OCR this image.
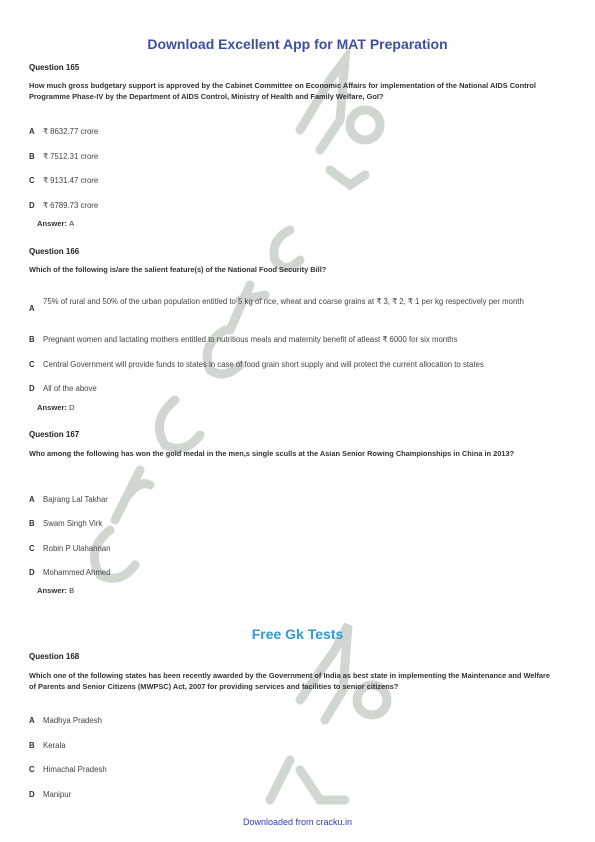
Download Excellent App for MAT Preparation
Question 165
How much gross budgetary support is approved by the Cabinet Committee on Economic Affairs for implementation of the National AIDS Control Programme Phase-IV by the Department of AIDS Control, Ministry of Health and Family Welfare, GoI?
A ₹ 8632.77 crore
B ₹ 7512.31 crore
C ₹ 9131.47 crore
D ₹ 6789.73 crore
Answer: A
Question 166
Which of the following is/are the salient feature(s) of the National Food Security Bill?
A
75% of rural and 50% of the urban population entitled to 5 kg of rice, wheat and coarse grains at ₹ 3, ₹ 2, ₹ 1 per kg respectively per month
B Pregnant women and lactating mothers entitled to nutritious meals and maternity benefit of atleast ₹ 6000 for six months
C Central Government will provide funds to states in case of food grain short supply and will protect the current allocation to states
D All of the above
Answer: D
Question 167
Who among the following has won the gold medal in the men,s single sculls at the Asian Senior Rowing Championships in China in 2013?
A Bajrang Lal Takhar
B Swam Singh Virk
C Robin P Ulahannan
D Mohammed Ahmed
Answer: B
Free Gk Tests
Question 168
Which one of the following states has been recently awarded by the Government of India as best state in implementing the Maintenance and Welfare of Parents and Senior Citizens (MWPSC) Act, 2007 for providing services and facilities to senior citizens?
A Madhya Pradesh
B Kerala
C Himachal Pradesh
D Manipur
Downloaded from cracku.in
